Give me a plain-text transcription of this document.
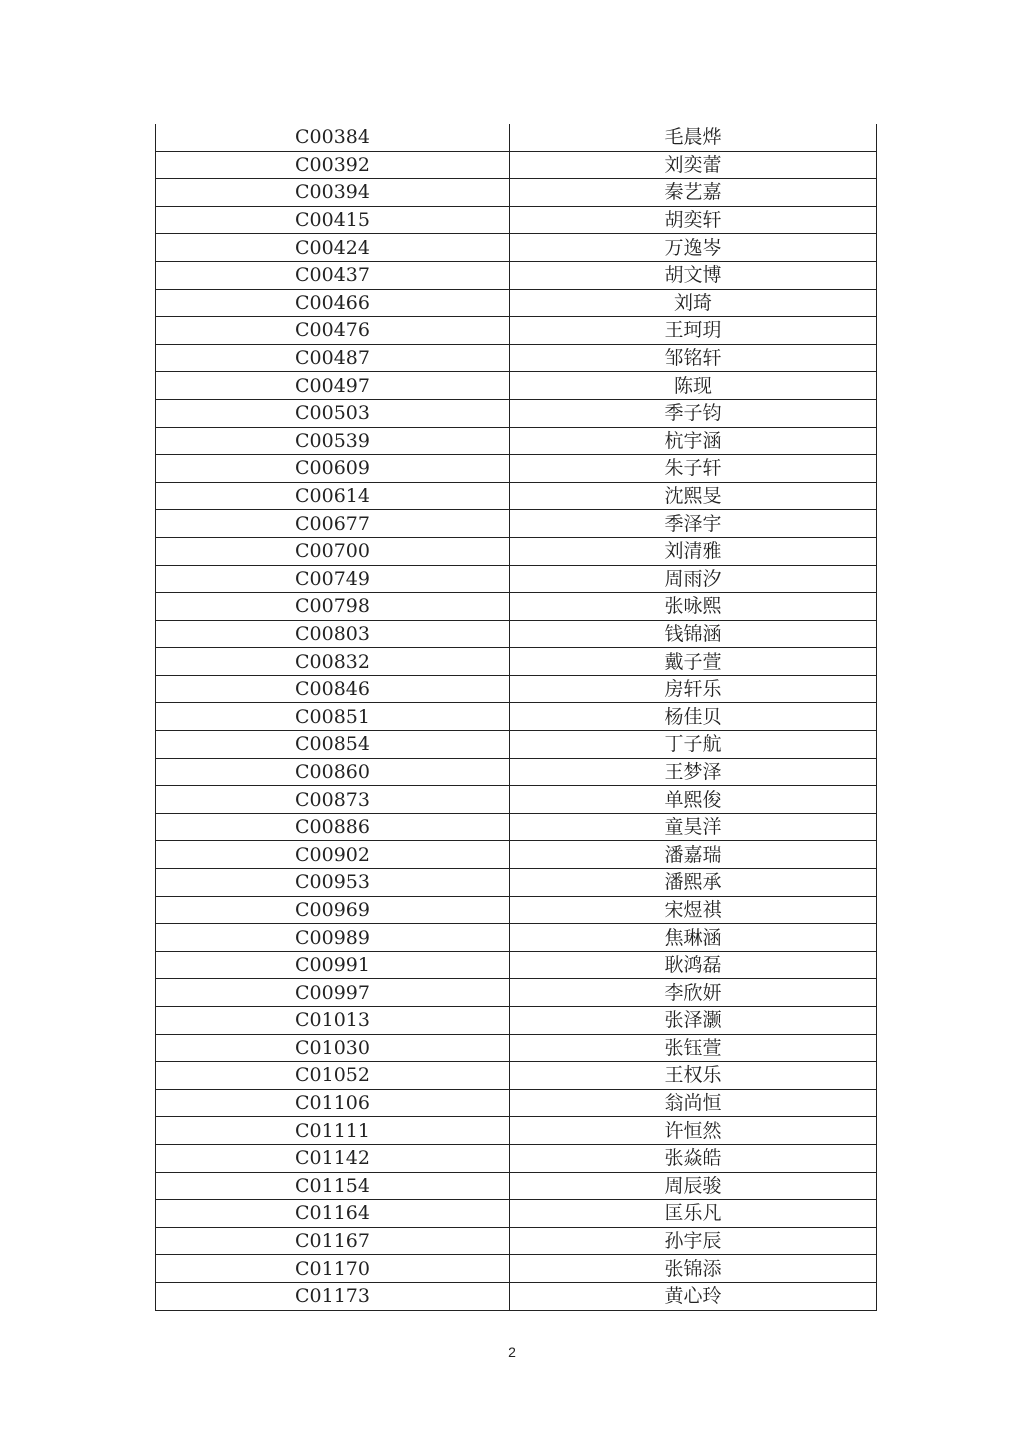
C00384	毛晨烨
C00392	刘奕蕾
C00394	秦艺嘉
C00415	胡奕轩
C00424	万逸岑
C00437	胡文博
C00466	刘琦
C00476	王珂玥
C00487	邹铭轩
C00497	陈现
C00503	季子钧
C00539	杭宇涵
C00609	朱子轩
C00614	沈熙旻
C00677	季泽宇
C00700	刘清雅
C00749	周雨汐
C00798	张咏熙
C00803	钱锦涵
C00832	戴子萱
C00846	房轩乐
C00851	杨佳贝
C00854	丁子航
C00860	王梦泽
C00873	单熙俊
C00886	童昊洋
C00902	潘嘉瑞
C00953	潘熙承
C00969	宋煜祺
C00989	焦琳涵
C00991	耿鸿磊
C00997	李欣妍
C01013	张泽灏
C01030	张钰萱
C01052	王权乐
C01106	翁尚恒
C01111	许恒然
C01142	张焱皓
C01154	周辰骏
C01164	匡乐凡
C01167	孙宇辰
C01170	张锦添
C01173	黄心玲
2
